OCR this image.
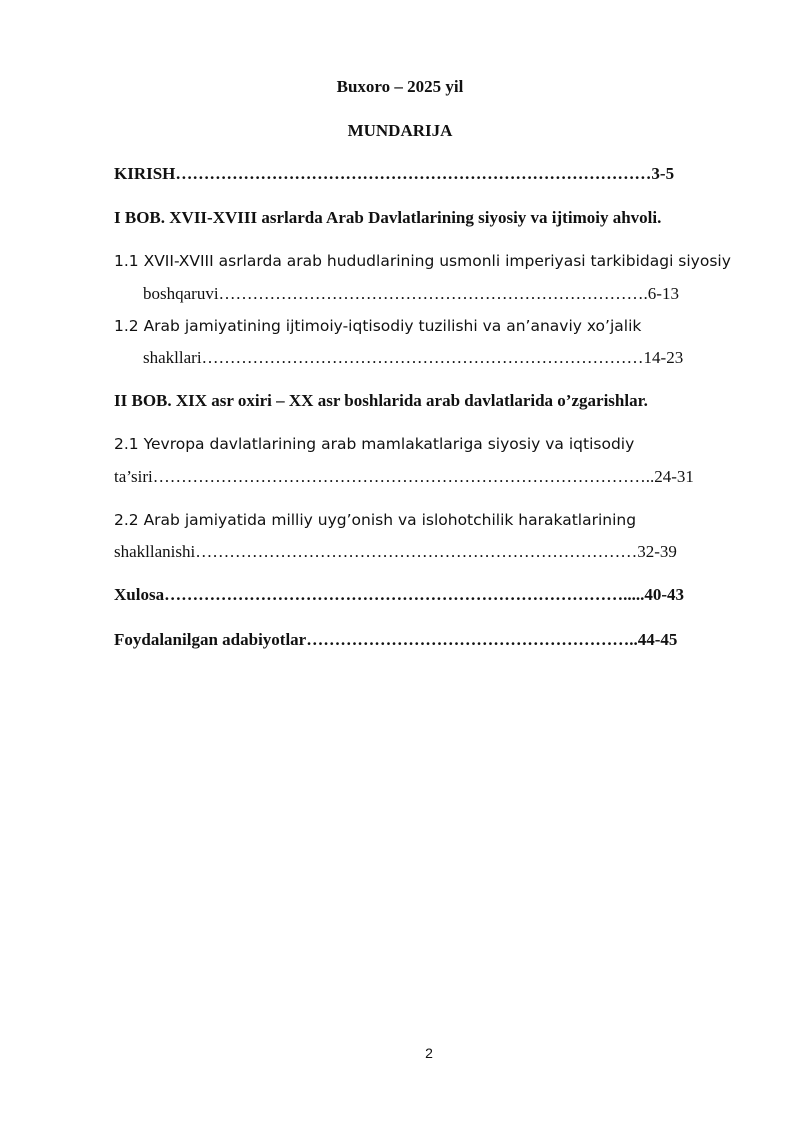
Buxoro – 2025 yil
MUNDARIJA
KIRISH…………………………………………………………………………3-5
I BOB. XVII-XVIII asrlarda Arab Davlatlarining siyosiy va ijtimoiy ahvoli.
1.1 XVII-XVIII asrlarda arab hududlarining usmonli imperiyasi tarkibidagi siyosiy
boshqaruvi………………………………………………………………….6-13
1.2 Arab jamiyatining ijtimoiy-iqtisodiy tuzilishi va an’anaviy xo’jalik
shakllari……………………………………………………………………14-23
II BOB. XIX asr oxiri – XX asr boshlarida arab davlatlarida o’zgarishlar.
2.1 Yevropa davlatlarining arab mamlakatlariga siyosiy va iqtisodiy
ta’siri……………………………………………………………………………..24-31
2.2 Arab jamiyatida milliy uyg’onish va islohotchilik harakatlarining
shakllanishi……………………………………………………………………32-39
Xulosa……………………………………………………………………….....40-43
Foydalanilgan adabiyotlar…………………………………………………..44-45
2
